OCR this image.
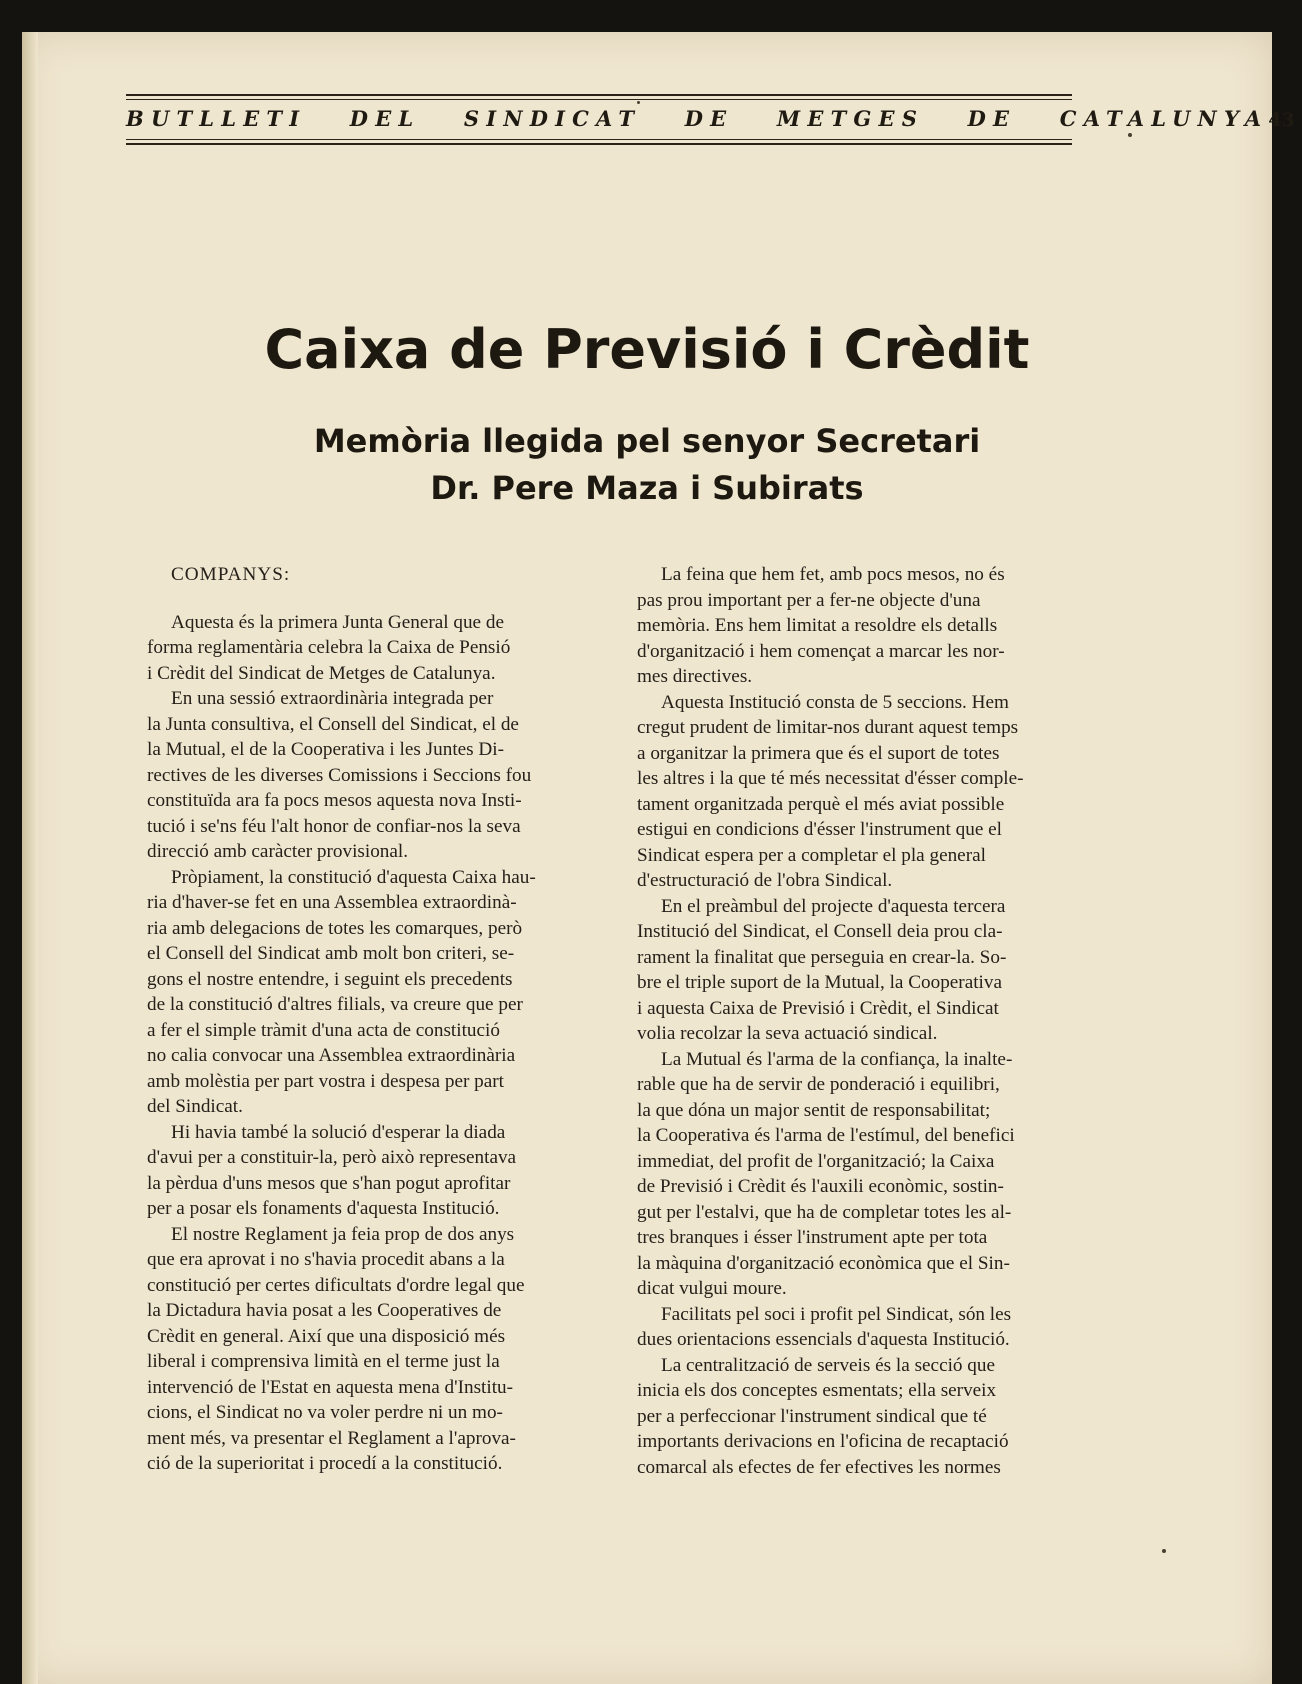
BUTLLETI   DEL   SINDICAT   DE   METGES   DE   CATALUNYA 43
Caixa de Previsió i Crèdit
Memòria llegida pel senyor Secretari
Dr. Pere Maza i Subirats

COMPANYS:

Aquesta és la primera Junta General que de
forma reglamentària celebra la Caixa de Pensió
i Crèdit del Sindicat de Metges de Catalunya.

En una sessió extraordinària integrada per
la Junta consultiva, el Consell del Sindicat, el de
la Mutual, el de la Cooperativa i les Juntes Di-
rectives de les diverses Comissions i Seccions fou
constituïda ara fa pocs mesos aquesta nova Insti-
tució i se'ns féu l'alt honor de confiar-nos la seva
direcció amb caràcter provisional.

Pròpiament, la constitució d'aquesta Caixa hau-
ria d'haver-se fet en una Assemblea extraordinà-
ria amb delegacions de totes les comarques, però
el Consell del Sindicat amb molt bon criteri, se-
gons el nostre entendre, i seguint els precedents
de la constitució d'altres filials, va creure que per
a fer el simple tràmit d'una acta de constitució
no calia convocar una Assemblea extraordinària
amb molèstia per part vostra i despesa per part
del Sindicat.

Hi havia també la solució d'esperar la diada
d'avui per a constituir-la, però això representava
la pèrdua d'uns mesos que s'han pogut aprofitar
per a posar els fonaments d'aquesta Institució.

El nostre Reglament ja feia prop de dos anys
que era aprovat i no s'havia procedit abans a la
constitució per certes dificultats d'ordre legal que
la Dictadura havia posat a les Cooperatives de
Crèdit en general. Així que una disposició més
liberal i comprensiva limità en el terme just la
intervenció de l'Estat en aquesta mena d'Institu-
cions, el Sindicat no va voler perdre ni un mo-
ment més, va presentar el Reglament a l'aprova-
ció de la superioritat i procedí a la constitució.

La feina que hem fet, amb pocs mesos, no és
pas prou important per a fer-ne objecte d'una
memòria. Ens hem limitat a resoldre els detalls
d'organització i hem començat a marcar les nor-
mes directives.

Aquesta Institució consta de 5 seccions. Hem
cregut prudent de limitar-nos durant aquest temps
a organitzar la primera que és el suport de totes
les altres i la que té més necessitat d'ésser comple-
tament organitzada perquè el més aviat possible
estigui en condicions d'ésser l'instrument que el
Sindicat espera per a completar el pla general
d'estructuració de l'obra Sindical.

En el preàmbul del projecte d'aquesta tercera
Institució del Sindicat, el Consell deia prou cla-
rament la finalitat que perseguia en crear-la. So-
bre el triple suport de la Mutual, la Cooperativa
i aquesta Caixa de Previsió i Crèdit, el Sindicat
volia recolzar la seva actuació sindical.

La Mutual és l'arma de la confiança, la inalte-
rable que ha de servir de ponderació i equilibri,
la que dóna un major sentit de responsabilitat;
la Cooperativa és l'arma de l'estímul, del benefici
immediat, del profit de l'organització; la Caixa
de Previsió i Crèdit és l'auxili econòmic, sostin-
gut per l'estalvi, que ha de completar totes les al-
tres branques i ésser l'instrument apte per tota
la màquina d'organització econòmica que el Sin-
dicat vulgui moure.

Facilitats pel soci i profit pel Sindicat, són les
dues orientacions essencials d'aquesta Institució.

La centralització de serveis és la secció que
inicia els dos conceptes esmentats; ella serveix
per a perfeccionar l'instrument sindical que té
importants derivacions en l'oficina de recaptació
comarcal als efectes de fer efectives les normes
